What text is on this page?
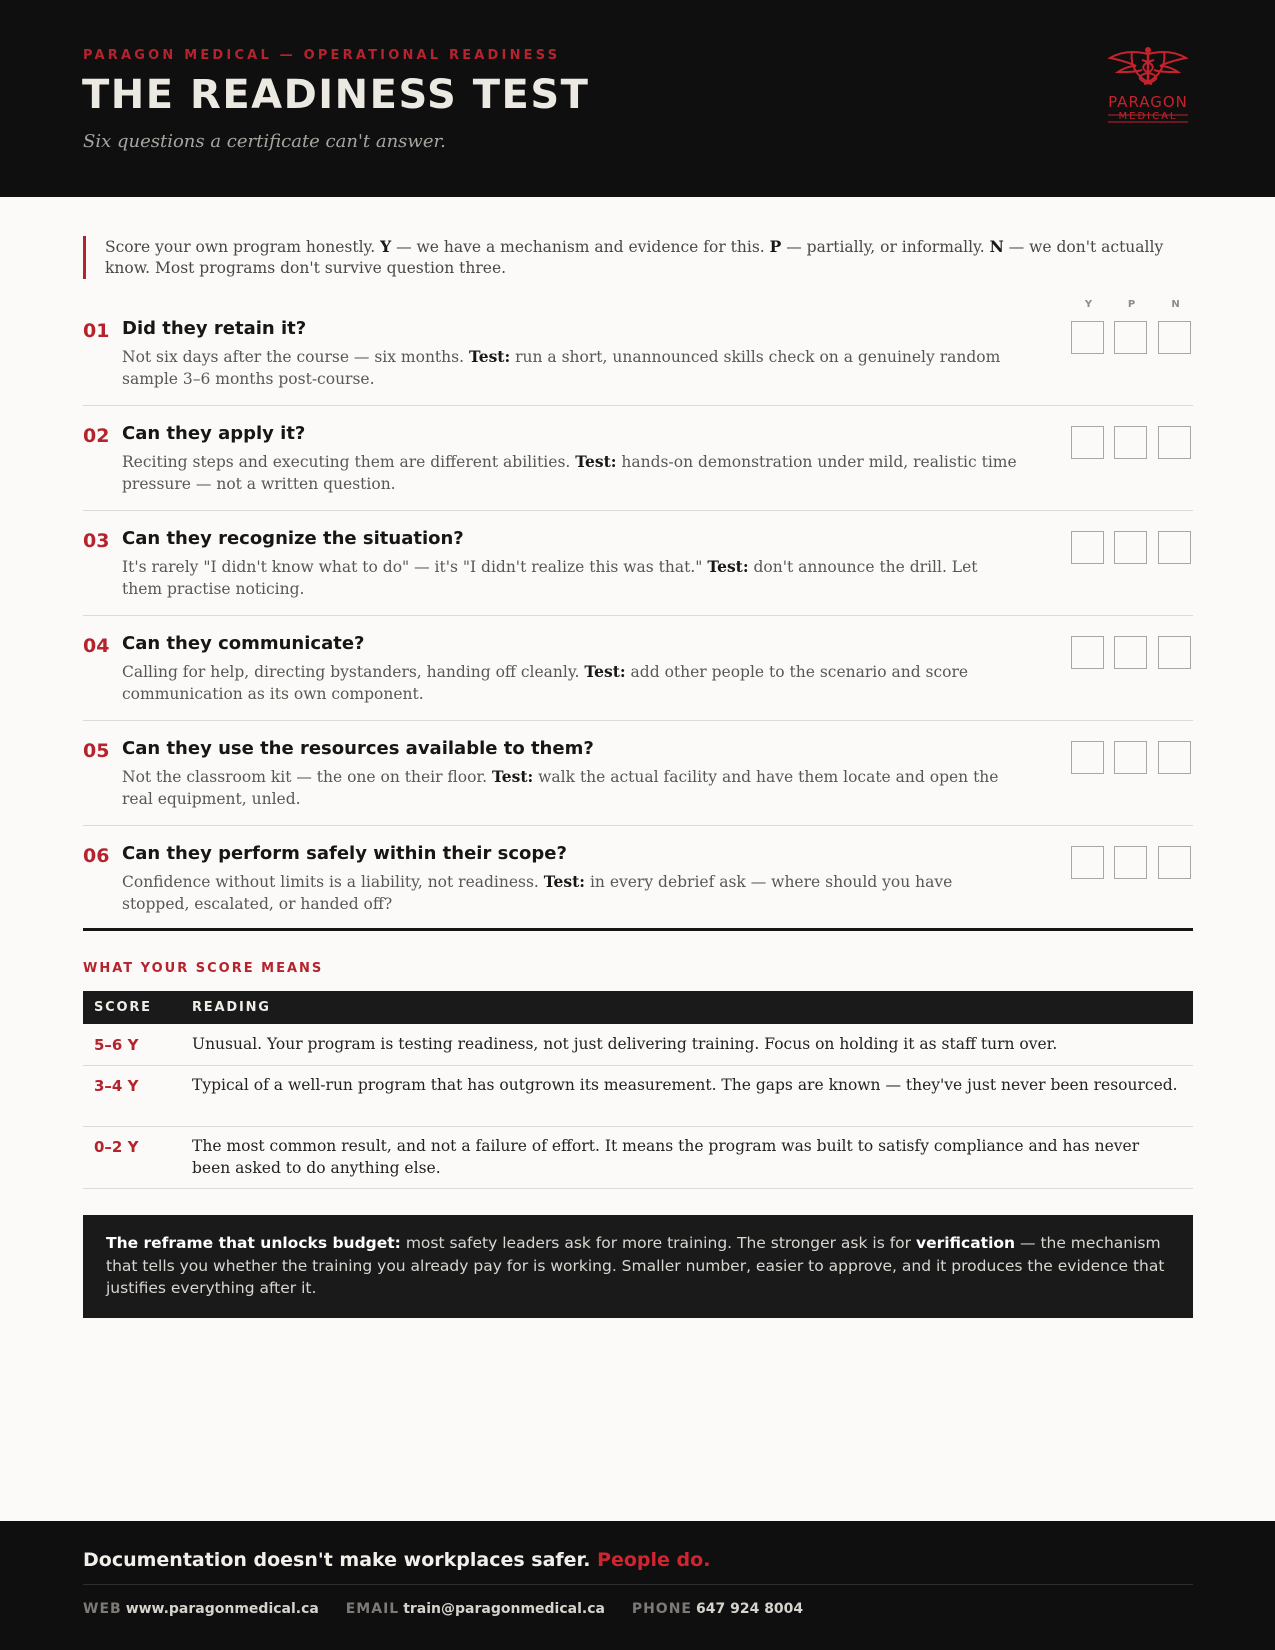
PARAGON MEDICAL — OPERATIONAL READINESS
THE READINESS TEST
Six questions a certificate can't answer.
PARAGON
MEDICAL
Score your own program honestly. Y — we have a mechanism and evidence for this. P — partially, or informally. N — we don't actually know. Most programs don't survive question three.
Y	P	N
01 Did they retain it?
Not six days after the course — six months. Test: run a short, unannounced skills check on a genuinely random sample 3–6 months post-course.
02 Can they apply it?
Reciting steps and executing them are different abilities. Test: hands-on demonstration under mild, realistic time pressure — not a written question.
03 Can they recognize the situation?
It's rarely "I didn't know what to do" — it's "I didn't realize this was that." Test: don't announce the drill. Let them practise noticing.
04 Can they communicate?
Calling for help, directing bystanders, handing off cleanly. Test: add other people to the scenario and score communication as its own component.
05 Can they use the resources available to them?
Not the classroom kit — the one on their floor. Test: walk the actual facility and have them locate and open the real equipment, unled.
06 Can they perform safely within their scope?
Confidence without limits is a liability, not readiness. Test: in every debrief ask — where should you have stopped, escalated, or handed off?
WHAT YOUR SCORE MEANS
SCORE	READING
5–6 Y	Unusual. Your program is testing readiness, not just delivering training. Focus on holding it as staff turn over.
3–4 Y	Typical of a well-run program that has outgrown its measurement. The gaps are known — they've just never been resourced.
0–2 Y	The most common result, and not a failure of effort. It means the program was built to satisfy compliance and has never been asked to do anything else.
The reframe that unlocks budget: most safety leaders ask for more training. The stronger ask is for verification — the mechanism that tells you whether the training you already pay for is working. Smaller number, easier to approve, and it produces the evidence that justifies everything after it.
Documentation doesn't make workplaces safer. People do.
WEB www.paragonmedical.ca EMAIL train@paragonmedical.ca PHONE 647 924 8004
